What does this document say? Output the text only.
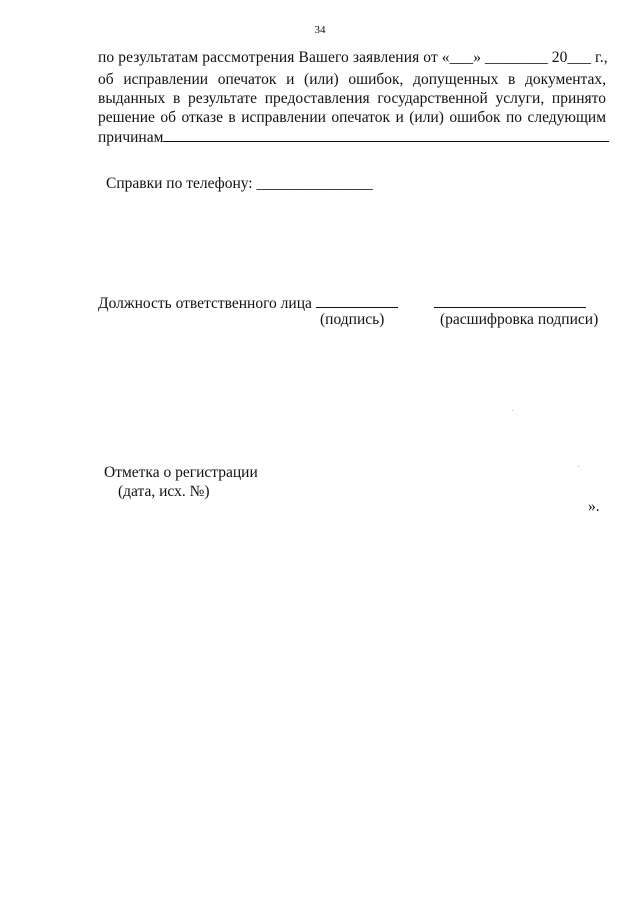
34
по результатам рассмотрения Вашего заявления от «___» ________ 20___ г.,
об исправлении опечаток и (или) ошибок, допущенных в документах,
выданных в результате предоставления государственной услуги, принято
решение об отказе в исправлении опечаток и (или) ошибок по следующим
причинам
Справки по телефону: _______________
Должность ответственного лица
(подпись)	(расшифровка подписи)
Отметка о регистрации
(дата, исх. №)
».
